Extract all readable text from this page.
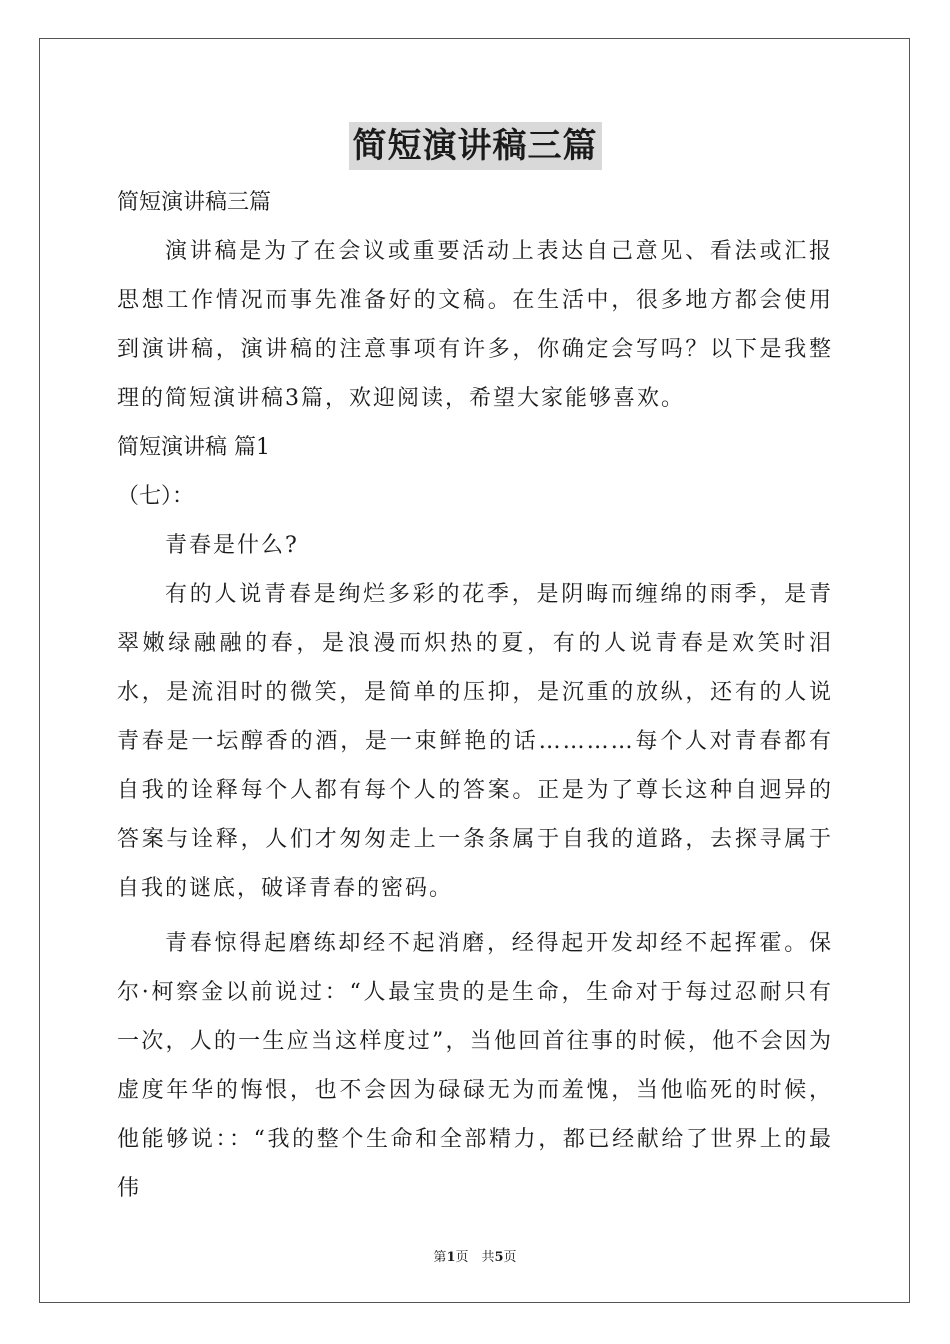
简短演讲稿三篇

简短演讲稿三篇

演讲稿是为了在会议或重要活动上表达自己意见、看法或汇报思想工作情况而事先准备好的文稿。在生活中，很多地方都会使用到演讲稿，演讲稿的注意事项有许多，你确定会写吗？以下是我整理的简短演讲稿3篇，欢迎阅读，希望大家能够喜欢。

简短演讲稿 篇1

（七）：

青春是什么?

有的人说青春是绚烂多彩的花季，是阴晦而缠绵的雨季，是青翠嫩绿融融的春，是浪漫而炽热的夏，有的人说青春是欢笑时泪水，是流泪时的微笑，是简单的压抑，是沉重的放纵，还有的人说青春是一坛醇香的酒，是一束鲜艳的话…………每个人对青春都有自我的诠释每个人都有每个人的答案。正是为了尊长这种自迥异的答案与诠释，人们才匆匆走上一条条属于自我的道路，去探寻属于自我的谜底，破译青春的密码。

青春惊得起磨练却经不起消磨，经得起开发却经不起挥霍。保尔·柯察金以前说过：“人最宝贵的是生命，生命对于每过忍耐只有一次，人的一生应当这样度过”，当他回首往事的时候，他不会因为虚度年华的悔恨，也不会因为碌碌无为而羞愧，当他临死的时候，他能够说：：“我的整个生命和全部精力，都已经献给了世界上的最伟

第1页　共5页
